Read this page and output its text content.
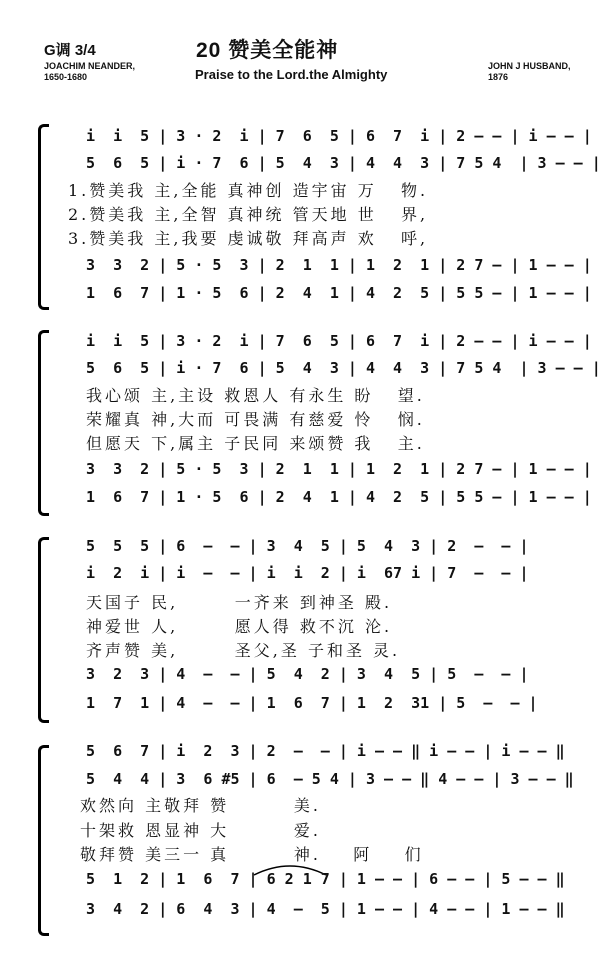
G调 3/4
JOACHIM NEANDER,
1650-1680
20 赞美全能神
Praise to the Lord.the Almighty
JOHN J HUSBAND,
1876
i  i  5 | 3 · 2  i | 7  6  5 | 6  7  i | 2 — — | i — — |
5  6  5 | i · 7  6 | 5  4  3 | 4  4  3 | 7 5 4  | 3 — — |
1.赞美我 主,全能 真神创 造宇宙 万   物.
2.赞美我 主,全智 真神统 管天地 世   界,
3.赞美我 主,我要 虔诚敬 拜高声 欢   呼,
3  3  2 | 5 · 5  3 | 2  1  1 | 1  2  1 | 2 7 — | 1 — — |
1  6  7 | 1 · 5  6 | 2  4  1 | 4  2  5 | 5 5 — | 1 — — |
i  i  5 | 3 · 2  i | 7  6  5 | 6  7  i | 2 — — | i — — |
5  6  5 | i · 7  6 | 5  4  3 | 4  4  3 | 7 5 4  | 3 — — |
我心颂 主,主设 救恩人 有永生 盼   望.
荣耀真 神,大而 可畏满 有慈爱 怜   悯.
但愿天 下,属主 子民同 来颂赞 我   主.
3  3  2 | 5 · 5  3 | 2  1  1 | 1  2  1 | 2 7 — | 1 — — |
1  6  7 | 1 · 5  6 | 2  4  1 | 4  2  5 | 5 5 — | 1 — — |
5  5  5 | 6  —  — | 3  4  5 | 5  4  3 | 2  —  — |
i  2  i | i  —  — | i  i  2 | i  67 i | 7  —  — |
天国子 民,       一齐来 到神圣 殿.
神爱世 人,       愿人得 救不沉 沦.
齐声赞 美,       圣父,圣 子和圣 灵.
3  2  3 | 4  —  — | 5  4  2 | 3  4  5 | 5  —  — |
1  7  1 | 4  —  — | 1  6  7 | 1  2  31 | 5  —  — |
5  6  7 | i  2  3 | 2  —  — | i — — ‖ i — — | i — — ‖
5  4  4 | 3  6 #5 | 6  — 5 4 | 3 — — ‖ 4 — — | 3 — — ‖
欢然向 主敬拜 赞        美.
十架救 恩显神 大        爱.
敬拜赞 美三一 真        神.    阿    们
5  1  2 | 1  6  7 | 6 2 1 7 | 1 — — | 6 — — | 5 — — ‖
3  4  2 | 6  4  3 | 4  —  5 | 1 — — | 4 — — | 1 — — ‖
